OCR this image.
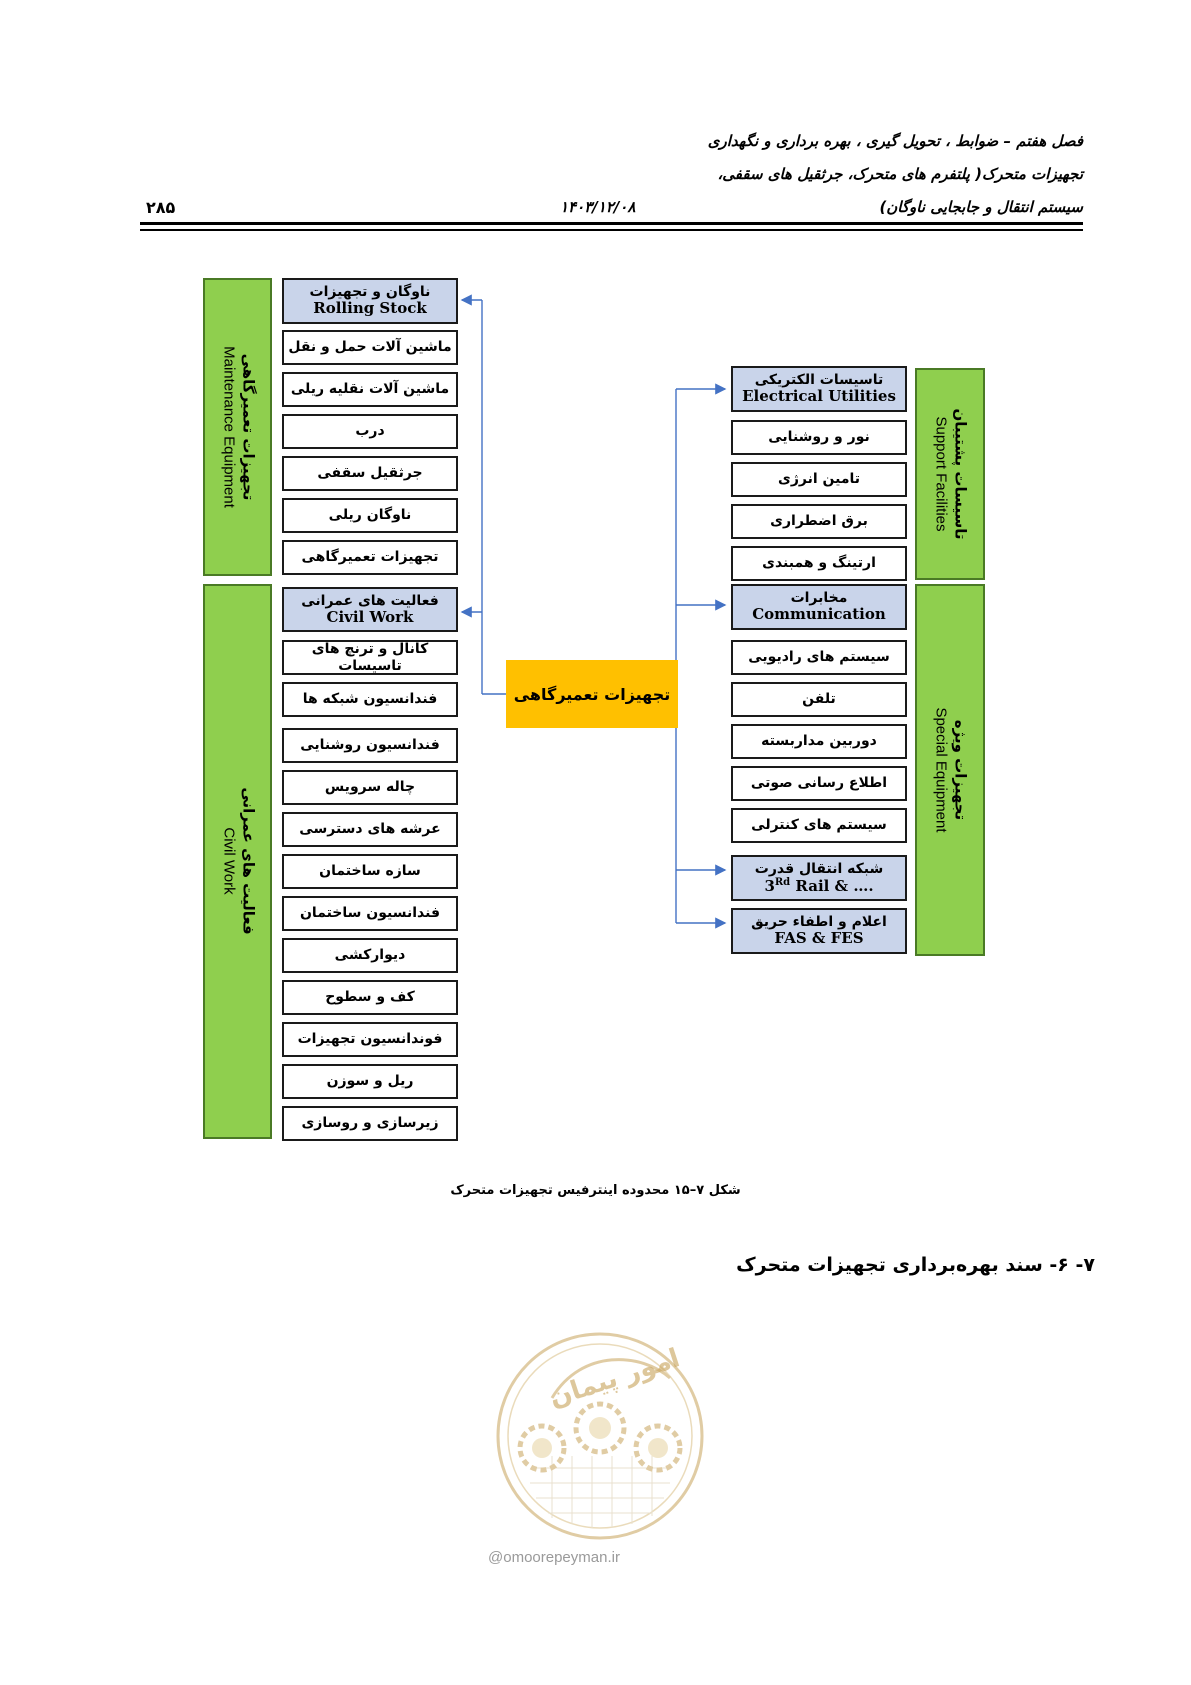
فصل هفتم – ضوابط ، تحویل گیری ، بهره برداری و نگهداری
تجهیزات متحرک( پلتفرم های متحرک، جرثقیل های سقفی،
سیستم انتقال و جابجایی ناوگان)
۱۴۰۳/۱۲/۰۸
۲۸۵
تجهیزات تعمیرگاهی
Maintenance Equipment
فعالیت های عمرانی
Civil Work
ناوگان و تجهیزات
Rolling Stock
ماشین آلات حمل و نقل
ماشین آلات نقلیه ریلی
درب
جرثقیل سقفی
ناوگان ریلی
تجهیزات تعمیرگاهی
فعالیت های عمرانی
Civil Work
کانال و ترنچ های تاسیسات
فندانسیون شبکه ها
فندانسیون روشنایی
چاله سرویس
عرشه های دسترسی
سازه ساختمان
فندانسیون ساختمان
دیوارکشی
کف و سطوح
فوندانسیون تجهیزات
ریل و سوزن
زیرسازی و روسازی
تجهیزات تعمیرگاهی
تاسیسات الکتریکی
Electrical Utilities
نور و روشنایی
تامین انرژی
برق اضطراری
ارتینگ و همبندی
مخابرات
Communication
سیستم های رادیویی
تلفن
دوربین مداربسته
اطلاع رسانی صوتی
سیستم های کنترلی
شبکه انتقال قدرت
3Rd Rail & ….
اعلام و اطفاء حریق
FAS & FES
تاسیسات پشتیبان
Support Facilities
تجهیزات ویژه
Special Equipment
شکل ۷–۱۵ محدوده اینترفیس تجهیزات متحرک
۷- ۶- سند بهره‌برداری تجهیزات متحرک
امور پیمان
@omoorepeyman.ir
